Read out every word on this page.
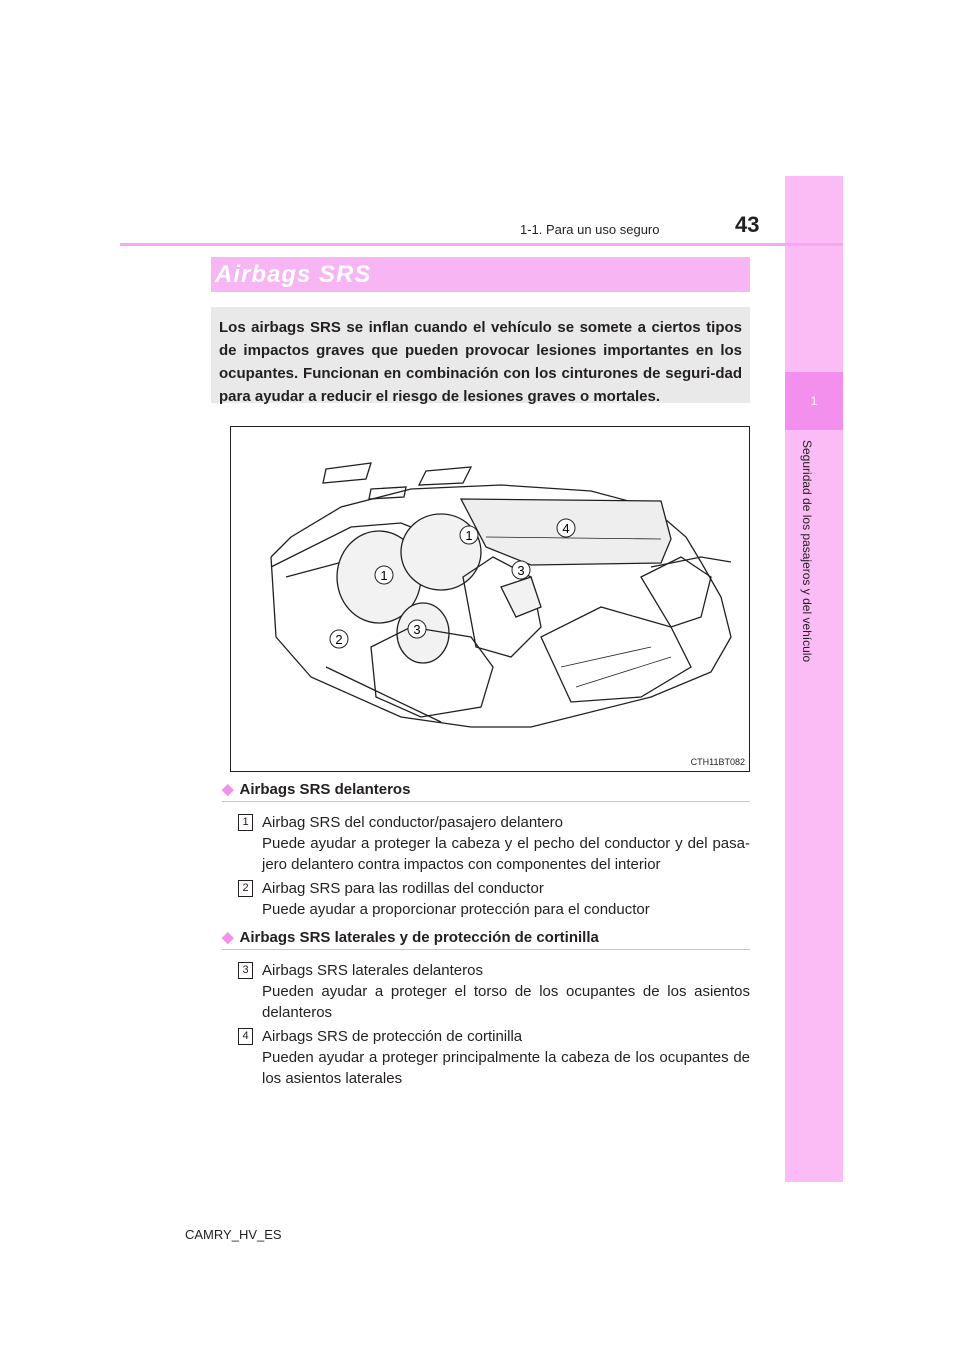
1
Seguridad de los pasajeros y del vehículo
1-1. Para un uso seguro	43
Airbags SRS

Los airbags SRS se inflan cuando el vehículo se somete a ciertos tipos de impactos graves que pueden provocar lesiones importantes en los ocupantes. Funcionan en combinación con los cinturones de seguri-dad para ayudar a reducir el riesgo de lesiones graves o mortales.

1
1
2
3
3
4
CTH11BT082
◆ Airbags SRS delanteros
1 Airbag SRS del conductor/pasajero delantero
Puede ayudar a proteger la cabeza y el pecho del conductor y del pasa-jero delantero contra impactos con componentes del interior
2 Airbag SRS para las rodillas del conductor
Puede ayudar a proporcionar protección para el conductor
◆ Airbags SRS laterales y de protección de cortinilla
3 Airbags SRS laterales delanteros
Pueden ayudar a proteger el torso de los ocupantes de los asientos delanteros
4 Airbags SRS de protección de cortinilla
Pueden ayudar a proteger principalmente la cabeza de los ocupantes de los asientos laterales
CAMRY_HV_ES
